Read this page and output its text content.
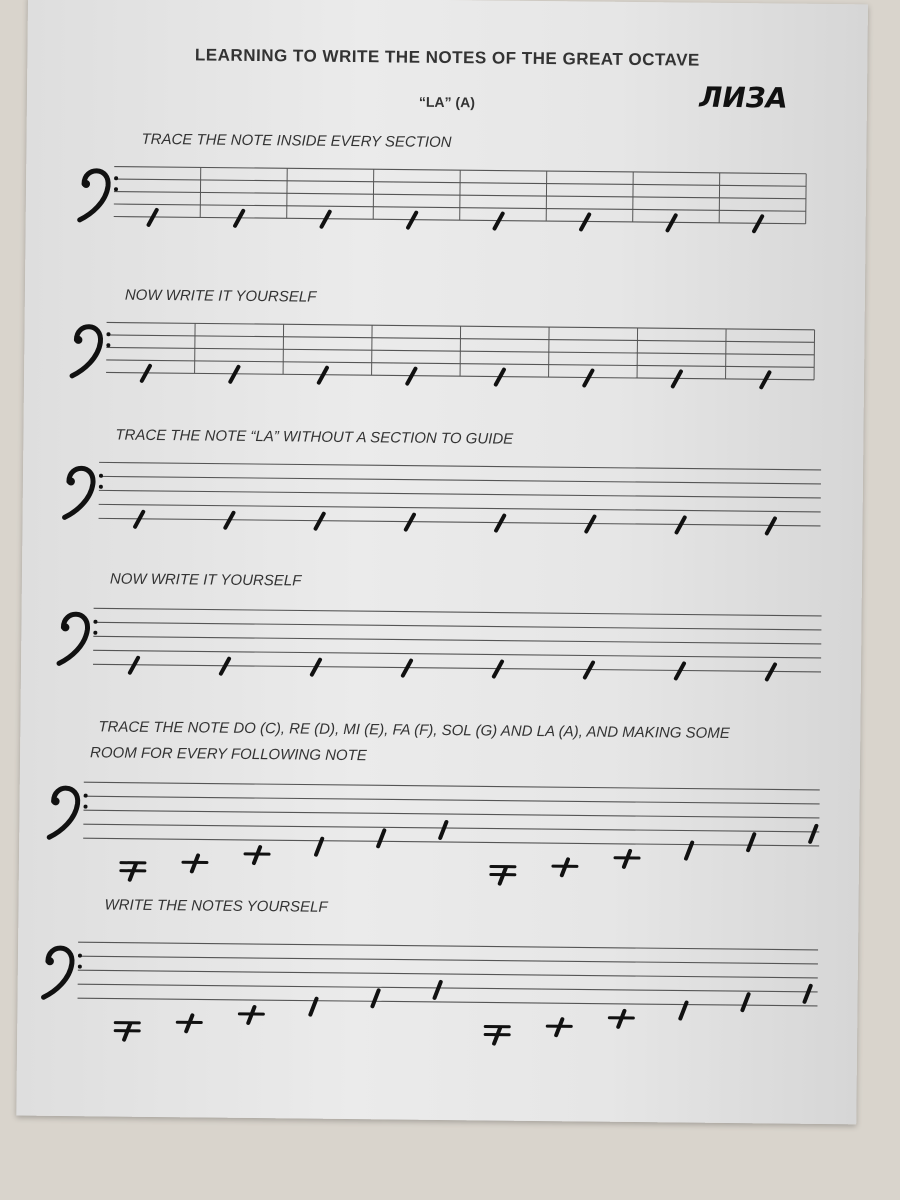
LEARNING TO WRITE THE NOTES OF THE GREAT OCTAVE
“LA” (A)	ЛИЗА
TRACE THE NOTE INSIDE EVERY SECTION
NOW WRITE IT YOURSELF
TRACE THE NOTE “LA” WITHOUT A SECTION TO GUIDE
NOW WRITE IT YOURSELF
TRACE THE NOTE DO (C), RE (D), MI (E), FA (F), SOL (G) AND LA (A), AND MAKING SOME
ROOM FOR EVERY FOLLOWING NOTE
WRITE THE NOTES YOURSELF
